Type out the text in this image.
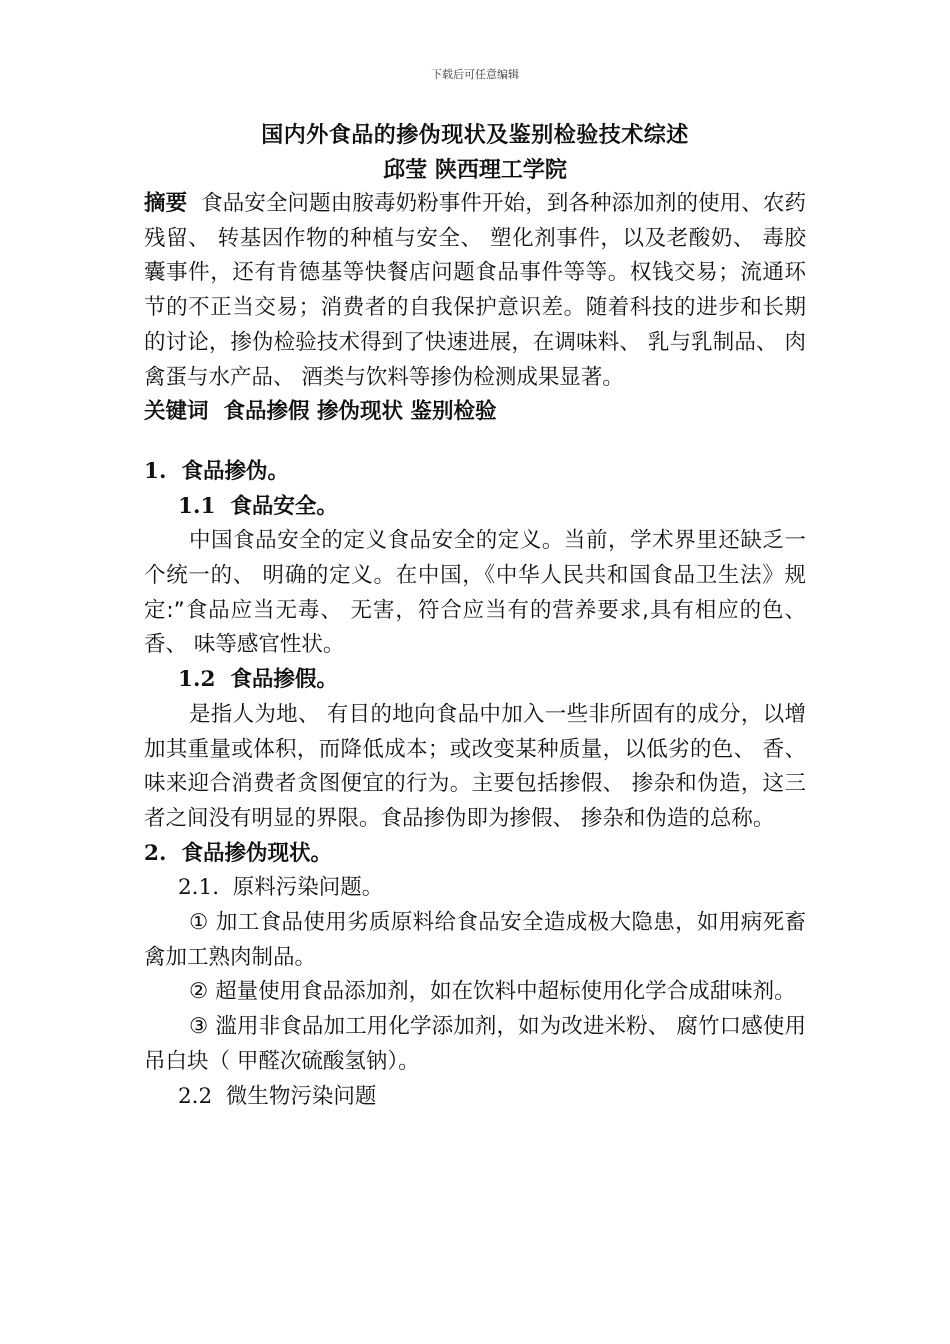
下载后可任意编辑
国内外食品的掺伪现状及鉴别检验技术综述
邱莹 陕西理工学院

摘要 食品安全问题由胺毒奶粉事件开始，到各种添加剂的使用、农药残留、 转基因作物的种植与安全、 塑化剂事件，以及老酸奶、 毒胶囊事件，还有肯德基等快餐店问题食品事件等等。权钱交易；流通环节的不正当交易；消费者的自我保护意识差。随着科技的进步和长期的讨论，掺伪检验技术得到了快速进展，在调味料、 乳与乳制品、 肉禽蛋与水产品、 酒类与饮料等掺伪检测成果显著。

关键词 食品掺假 掺伪现状 鉴别检验

1. 食品掺伪。

1.1 食品安全。

中国食品安全的定义食品安全的定义。当前，学术界里还缺乏一个统一的、 明确的定义。在中国，《中华人民共和国食品卫生法》规定:”食品应当无毒、 无害，符合应当有的营养要求,具有相应的色、 香、 味等感官性状。

1.2 食品掺假。

是指人为地、 有目的地向食品中加入一些非所固有的成分，以增加其重量或体积，而降低成本；或改变某种质量，以低劣的色、 香、 味来迎合消费者贪图便宜的行为。主要包括掺假、 掺杂和伪造，这三者之间没有明显的界限。食品掺伪即为掺假、 掺杂和伪造的总称。

2. 食品掺伪现状。

2.1. 原料污染问题。

① 加工食品使用劣质原料给食品安全造成极大隐患，如用病死畜禽加工熟肉制品。

② 超量使用食品添加剂，如在饮料中超标使用化学合成甜味剂。

③ 滥用非食品加工用化学添加剂，如为改进米粉、 腐竹口感使用吊白块（ 甲醛次硫酸氢钠）。

2.2 微生物污染问题
